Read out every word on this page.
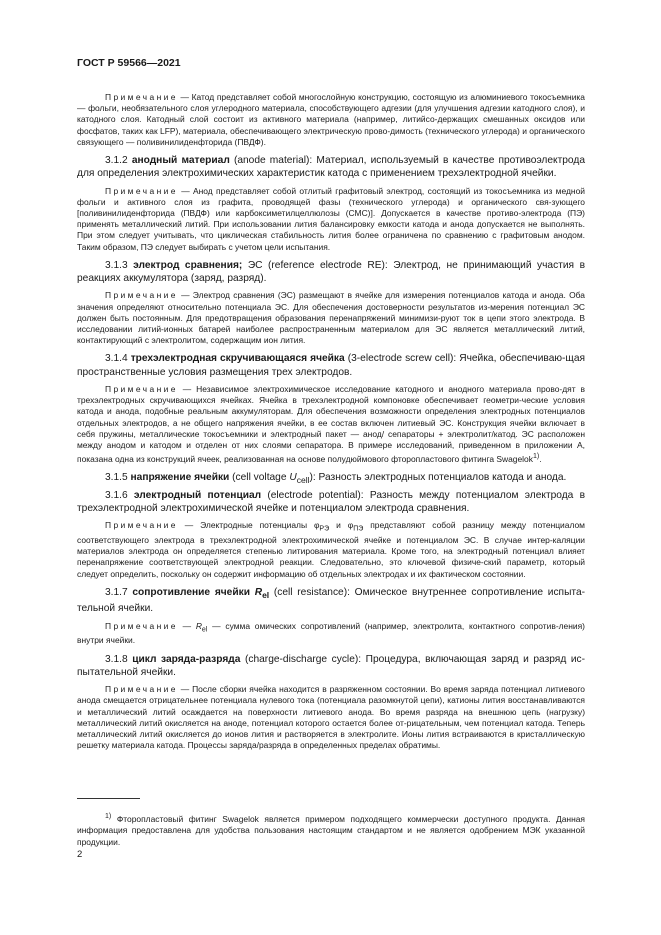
ГОСТ Р 59566—2021

Примечание — Катод представляет собой многослойную конструкцию, состоящую из алюминиевого токосъемника — фольги, необязательного слоя углеродного материала, способствующего адгезии (для улучшения адгезии катодного слоя), и катодного слоя. Катодный слой состоит из активного материала (например, литийсо-держащих смешанных оксидов или фосфатов, таких как LFP), материала, обеспечивающего электрическую прово-димость (технического углерода) и органического связующего — поливинилиденфторида (ПВДФ).

3.1.2 анодный материал (anode material): Материал, используемый в качестве противоэлектрода для определения электрохимических характеристик катода с применением трехэлектродной ячейки.

Примечание — Анод представляет собой отлитый графитовый электрод, состоящий из токосъемника из медной фольги и активного слоя из графита, проводящей фазы (технического углерода) и органического свя-зующего [поливинилиденфторида (ПВДФ) или карбоксиметилцеллюлозы (СМС)]. Допускается в качестве противо-электрода (ПЭ) применять металлический литий. При использовании лития балансировку емкости катода и анода допускается не выполнять. При этом следует учитывать, что циклическая стабильность лития более ограничена по сравнению с графитовым анодом. Таким образом, ПЭ следует выбирать с учетом цели испытания.

3.1.3 электрод сравнения; ЭС (reference electrode RE): Электрод, не принимающий участия в реакциях аккумулятора (заряд, разряд).

Примечание — Электрод сравнения (ЭС) размещают в ячейке для измерения потенциалов катода и анода. Оба значения определяют относительно потенциала ЭС. Для обеспечения достоверности результатов из-мерения потенциал ЭС должен быть постоянным. Для предотвращения образования перенапряжений минимизи-руют ток в цепи этого электрода. В исследовании литий-ионных батарей наиболее распространенным материалом для ЭС является металлический литий, контактирующий с электролитом, содержащим ион лития.

3.1.4 трехэлектродная скручивающаяся ячейка (3-electrode screw cell): Ячейка, обеспечиваю-щая пространственные условия размещения трех электродов.

Примечание — Независимое электрохимическое исследование катодного и анодного материала прово-дят в трехэлектродных скручивающихся ячейках. Ячейка в трехэлектродной компоновке обеспечивает геометри-ческие условия катода и анода, подобные реальным аккумуляторам. Для обеспечения возможности определения электродных потенциалов отдельных электродов, а не общего напряжения ячейки, в ее состав включен литиевый ЭС. Конструкция ячейки включает в себя пружины, металлические токосъемники и электродный пакет — анод/ сепараторы + электролит/катод. ЭС расположен между анодом и катодом и отделен от них слоями сепаратора. В примере исследований, приведенном в приложении А, показана одна из конструкций ячеек, реализованная на основе полудюймового фторопластового фитинга Swagelok$^{1)}$.

3.1.5 напряжение ячейки (cell voltage $U_{cell}$): Разность электродных потенциалов катода и анода.

3.1.6 электродный потенциал (electrode potential): Разность между потенциалом электрода в трехэлектродной электрохимической ячейке и потенциалом электрода сравнения.

Примечание — Электродные потенциалы $\varphi_{РЭ}$ и $\varphi_{ПЭ}$ представляют собой разницу между потенциалом соответствующего электрода в трехэлектродной электрохимической ячейке и потенциалом ЭС. В случае интер-каляции материалов электрода он определяется степенью литирования материала. Кроме того, на электродный потенциал влияет перенапряжение соответствующей электродной реакции. Следовательно, это ключевой физиче-ский параметр, который следует определить, поскольку он содержит информацию об отдельных электродах и их фактическом состоянии.

3.1.7 сопротивление ячейки $R_{el}$ (cell resistance): Омическое внутреннее сопротивление испыта-тельной ячейки.

Примечание — $R_{el}$ — сумма омических сопротивлений (например, электролита, контактного сопротив-ления) внутри ячейки.

3.1.8 цикл заряда-разряда (charge-discharge cycle): Процедура, включающая заряд и разряд ис-пытательной ячейки.

Примечание — После сборки ячейка находится в разряженном состоянии. Во время заряда потенциал литиевого анода смещается отрицательнее потенциала нулевого тока (потенциала разомкнутой цепи), катионы лития восстанавливаются и металлический литий осаждается на поверхности литиевого анода. Во время разряда на внешнюю цепь (нагрузку) металлический литий окисляется на аноде, потенциал которого остается более от-рицательным, чем потенциал катода. Теперь металлический литий окисляется до ионов лития и растворяется в электролите. Ионы лития встраиваются в кристаллическую решетку материала катода. Процессы заряда/разряда в определенных пределах обратимы.

$^{1)}$ Фторопластовый фитинг Swagelok является примером подходящего коммерчески доступного продукта. Данная информация предоставлена для удобства пользования настоящим стандартом и не является одобрением МЭК указанной продукции.

2
